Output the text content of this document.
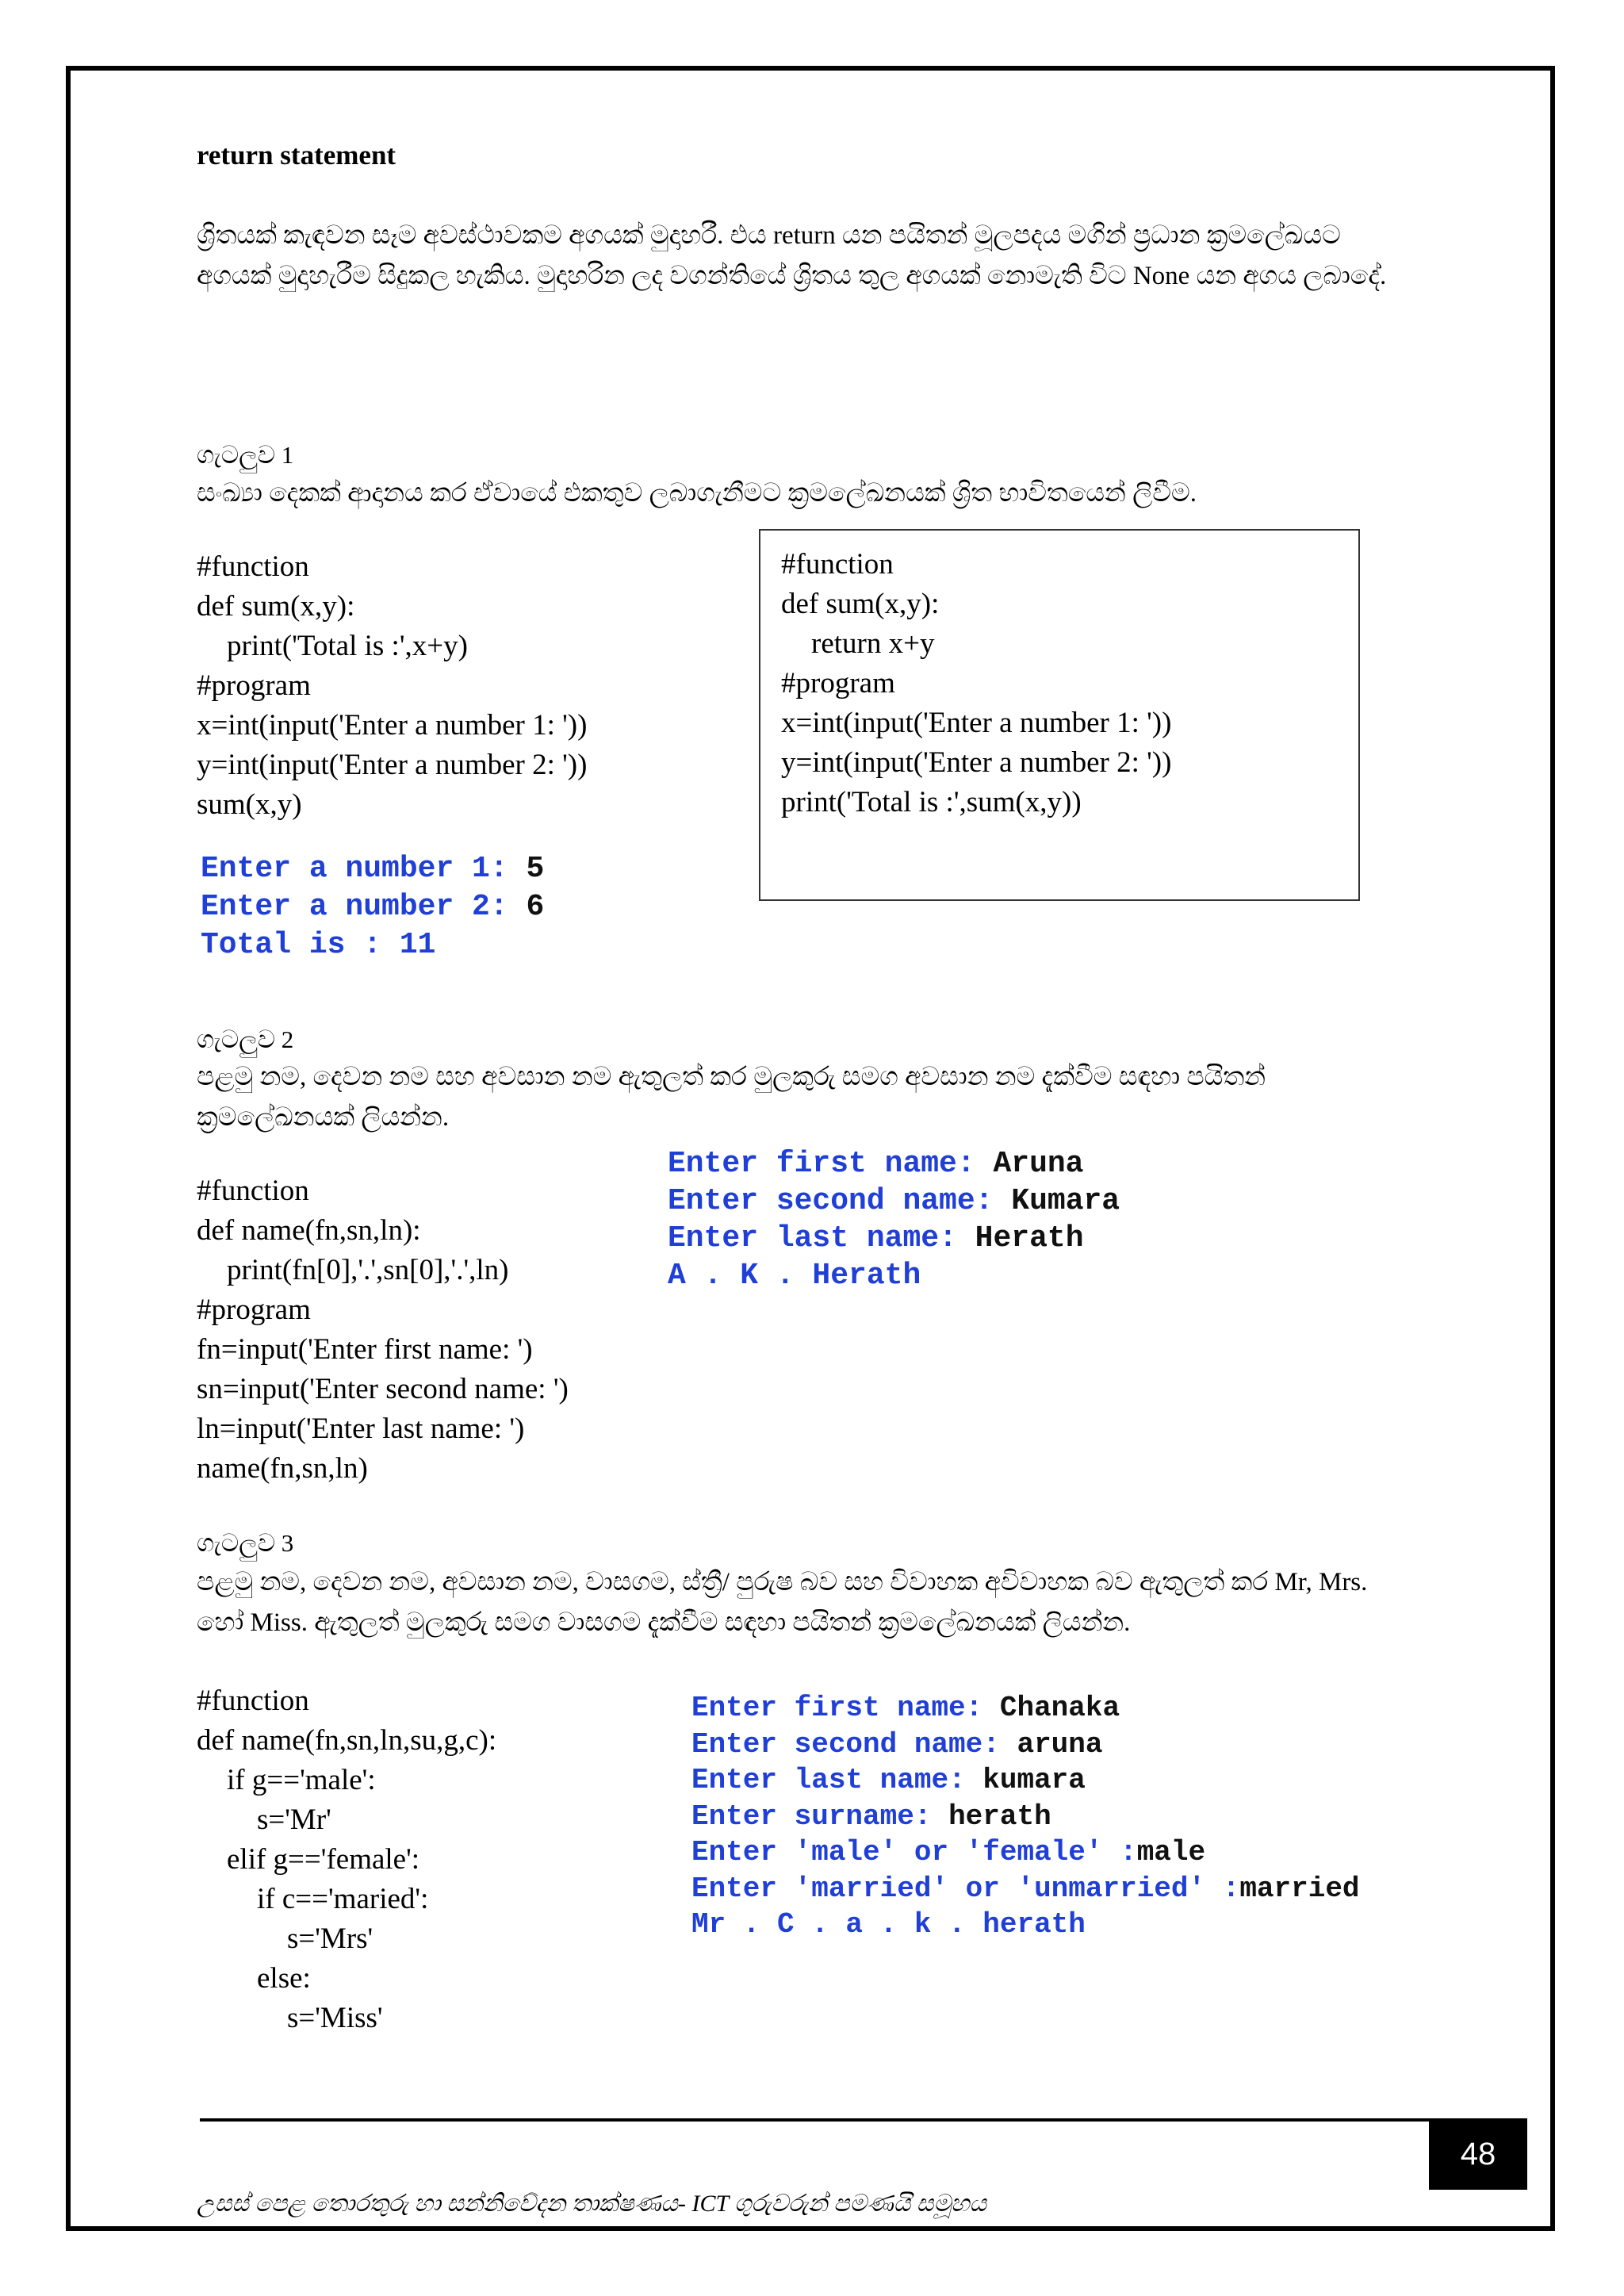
return statement
ශ්‍රිතයක් කැඳවන සෑම අවස්ථාවකම අගයක් මුදාහරී. එය return යන පයිතන් මූලපදය මගින් ප්‍රධාන ක්‍රමලේඛයට
අගයක් මුදාහැරීම සිදුකල හැකිය. මුදාහරින ලද වගන්තියේ ශ්‍රිතය තුල අගයක් නොමැති විට None යන අගය ලබාදේ.
ගැටලුව 1
සංඛ්‍යා දෙකක් ආදානය කර ඒවායේ එකතුව ලබාගැනීමට ක්‍රමලේඛනයක් ශ්‍රිත භාවිතයෙන් ලිවීම.
#function
def sum(x,y):
print('Total is :',x+y)
#program
x=int(input('Enter a number 1: '))
y=int(input('Enter a number 2: '))
sum(x,y)
#function
def sum(x,y):
return x+y
#program
x=int(input('Enter a number 1: '))
y=int(input('Enter a number 2: '))
print('Total is :',sum(x,y))
Enter a number 1: 5
Enter a number 2: 6
Total is : 11
ගැටලුව 2
පළමු නම, දෙවන නම සහ අවසාන නම ඇතුලත් කර මුලකුරු සමග අවසාන නම දැක්වීම සඳහා පයිතන්
ක්‍රමලේඛනයක් ලියන්න.
#function
def name(fn,sn,ln):
print(fn[0],'.',sn[0],'.',ln)
#program
fn=input('Enter first name: ')
sn=input('Enter second name: ')
ln=input('Enter last name: ')
name(fn,sn,ln)
Enter first name: Aruna
Enter second name: Kumara
Enter last name: Herath
A . K . Herath
ගැටලුව 3
පළමු නම, දෙවන නම, අවසාන නම, වාසගම, ස්ත්‍රී/ පුරුෂ බව සහ විවාහක අවිවාහක බව ඇතුලත් කර Mr, Mrs.
හෝ Miss. ඇතුලත් මුලකුරු සමග වාසගම දැක්වීම සඳහා පයිතන් ක්‍රමලේඛනයක් ලියන්න.
#function
def name(fn,sn,ln,su,g,c):
if g=='male':
s='Mr'
elif g=='female':
if c=='maried':
s='Mrs'
else:
s='Miss'
Enter first name: Chanaka
Enter second name: aruna
Enter last name: kumara
Enter surname: herath
Enter 'male' or 'female' :male
Enter 'married' or 'unmarried' :married
Mr . C . a . k . herath
48
උසස් පෙළ තොරතුරු හා සන්නිවේදන තාක්ෂණය- ICT ගුරුවරුන් පමණයි සමූහය
